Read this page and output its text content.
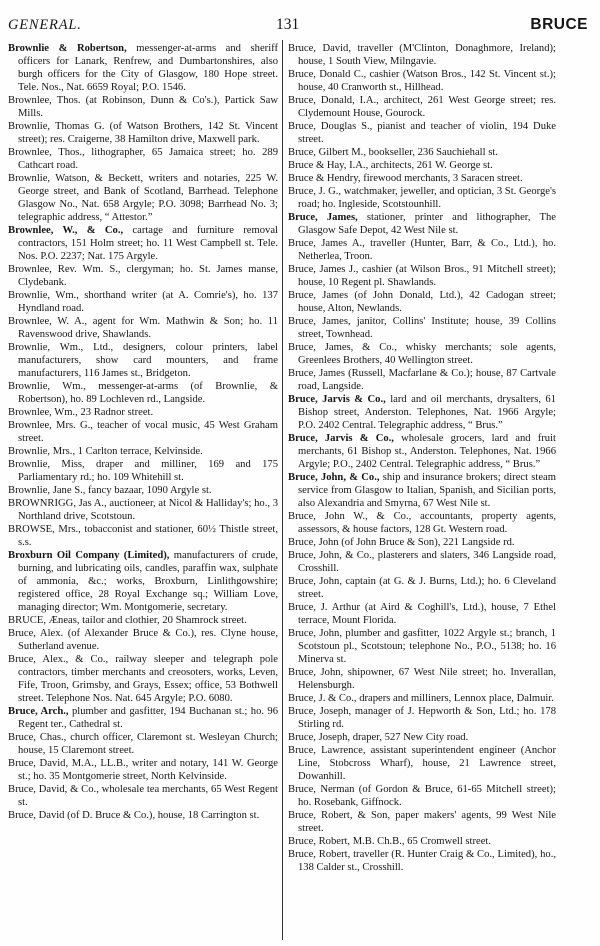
GENERAL.	131	BRUCE

Brownlie & Robertson, messenger-at-arms and sheriff officers for Lanark, Renfrew, and Dumbartonshires, also burgh officers for the City of Glasgow, 180 Hope street. Tele. Nos., Nat. 6659 Royal; P.O. 1546.

Brownlee, Thos. (at Robinson, Dunn & Co's.), Partick Saw Mills.

Brownlie, Thomas G. (of Watson Brothers, 142 St. Vincent street); res. Craigerne, 38 Hamilton drive, Maxwell park.

Brownlee, Thos., lithographer, 65 Jamaica street; ho. 289 Cathcart road.

Brownlie, Watson, & Beckett, writers and notaries, 225 W. George street, and Bank of Scotland, Barrhead. Telephone Glasgow No., Nat. 658 Argyle; P.O. 3098; Barrhead No. 3; telegraphic address, “ Attestor.”

Brownlee, W., & Co., cartage and furniture removal contractors, 151 Holm street; ho. 11 West Campbell st. Tele. Nos. P.O. 2237; Nat. 175 Argyle.

Brownlee, Rev. Wm. S., clergyman; ho. St. James manse, Clydebank.

Brownlie, Wm., shorthand writer (at A. Comrie's), ho. 137 Hyndland road.

Brownlee, W. A., agent for Wm. Mathwin & Son; ho. 11 Ravenswood drive, Shawlands.

Brownlie, Wm., Ltd., designers, colour printers, label manufacturers, show card mounters, and frame manufacturers, 116 James st., Bridgeton.

Brownlie, Wm., messenger-at-arms (of Brownlie, & Robertson), ho. 89 Lochleven rd., Langside.

Brownlee, Wm., 23 Radnor street.

Brownlee, Mrs. G., teacher of vocal music, 45 West Graham street.

Brownlie, Mrs., 1 Carlton terrace, Kelvinside.

Brownlie, Miss, draper and milliner, 169 and 175 Parliamentary rd.; ho. 109 Whitehill st.

Brownlie, Jane S., fancy bazaar, 1090 Argyle st.

BROWNRIGG, Jas A., auctioneer, at Nicol & Halliday's; ho., 3 Northland drive, Scotstoun.

BROWSE, Mrs., tobacconist and stationer, 60½ Thistle street, s.s.

Broxburn Oil Company (Limited), manufacturers of crude, burning, and lubricating oils, candles, paraffin wax, sulphate of ammonia, &c.; works, Broxburn, Linlithgowshire; registered office, 28 Royal Exchange sq.; William Love, managing director; Wm. Montgomerie, secretary.

BRUCE, Æneas, tailor and clothier, 20 Shamrock street.

Bruce, Alex. (of Alexander Bruce & Co.), res. Clyne house, Sutherland avenue.

Bruce, Alex., & Co., railway sleeper and telegraph pole contractors, timber merchants and creosoters, works, Leven, Fife, Troon, Grimsby, and Grays, Essex; office, 53 Bothwell street. Telephone Nos. Nat. 645 Argyle; P.O. 6080.

Bruce, Arch., plumber and gasfitter, 194 Buchanan st.; ho. 96 Regent ter., Cathedral st.

Bruce, Chas., church officer, Claremont st. Wesleyan Church; house, 15 Claremont street.

Bruce, David, M.A., LL.B., writer and notary, 141 W. George st.; ho. 35 Montgomerie street, North Kelvinside.

Bruce, David, & Co., wholesale tea merchants, 65 West Regent st.

Bruce, David (of D. Bruce & Co.), house, 18 Carrington st.

Bruce, David, traveller (M'Clinton, Donaghmore, Ireland); house, 1 South View, Milngavie.

Bruce, Donald C., cashier (Watson Bros., 142 St. Vincent st.); house, 40 Cranworth st., Hillhead.

Bruce, Donald, I.A., architect, 261 West George street; res. Clydemount House, Gourock.

Bruce, Douglas S., pianist and teacher of violin, 194 Duke street.

Bruce, Gilbert M., bookseller, 236 Sauchiehall st.

Bruce & Hay, I.A., architects, 261 W. George st.

Bruce & Hendry, firewood merchants, 3 Saracen street.

Bruce, J. G., watchmaker, jeweller, and optician, 3 St. George's road; ho. Ingleside, Scotstounhill.

Bruce, James, stationer, printer and lithographer, The Glasgow Safe Depot, 42 West Nile st.

Bruce, James A., traveller (Hunter, Barr, & Co., Ltd.), ho. Netherlea, Troon.

Bruce, James J., cashier (at Wilson Bros., 91 Mitchell street); house, 10 Regent pl. Shawlands.

Bruce, James (of John Donald, Ltd.), 42 Cadogan street; house, Alton, Newlands.

Bruce, James, janitor, Collins' Institute; house, 39 Collins street, Townhead.

Bruce, James, & Co., whisky merchants; sole agents, Greenlees Brothers, 40 Wellington street.

Bruce, James (Russell, Macfarlane & Co.); house, 87 Cartvale road, Langside.

Bruce, Jarvis & Co., lard and oil merchants, drysalters, 61 Bishop street, Anderston. Telephones, Nat. 1966 Argyle; P.O. 2402 Central. Telegraphic address, “ Brus.”

Bruce, Jarvis & Co., wholesale grocers, lard and fruit merchants, 61 Bishop st., Anderston. Telephones, Nat. 1966 Argyle; P.O., 2402 Central. Telegraphic address, “ Brus.”

Bruce, John, & Co., ship and insurance brokers; direct steam service from Glasgow to Italian, Spanish, and Sicilian ports, also Alexandria and Smyrna, 67 West Nile st.

Bruce, John W., & Co., accountants, property agents, assessors, & house factors, 128 Gt. Western road.

Bruce, John (of John Bruce & Son), 221 Langside rd.

Bruce, John, & Co., plasterers and slaters, 346 Langside road, Crosshill.

Bruce, John, captain (at G. & J. Burns, Ltd.); ho. 6 Cleveland street.

Bruce, J. Arthur (at Aird & Coghill's, Ltd.), house, 7 Ethel terrace, Mount Florida.

Bruce, John, plumber and gasfitter, 1022 Argyle st.; branch, 1 Scotstoun pl., Scotstoun; telephone No., P.O., 5138; ho. 16 Minerva st.

Bruce, John, shipowner, 67 West Nile street; ho. Inverallan, Helensburgh.

Bruce, J. & Co., drapers and milliners, Lennox place, Dalmuir.

Bruce, Joseph, manager of J. Hepworth & Son, Ltd.; ho. 178 Stirling rd.

Bruce, Joseph, draper, 527 New City road.

Bruce, Lawrence, assistant superintendent engineer (Anchor Line, Stobcross Wharf), house, 21 Lawrence street, Dowanhill.

Bruce, Nerman (of Gordon & Bruce, 61-65 Mitchell street); ho. Rosebank, Giffnock.

Bruce, Robert, & Son, paper makers' agents, 99 West Nile street.

Bruce, Robert, M.B. Ch.B., 65 Cromwell street.

Bruce, Robert, traveller (R. Hunter Craig & Co., Limited), ho., 138 Calder st., Crosshill.
